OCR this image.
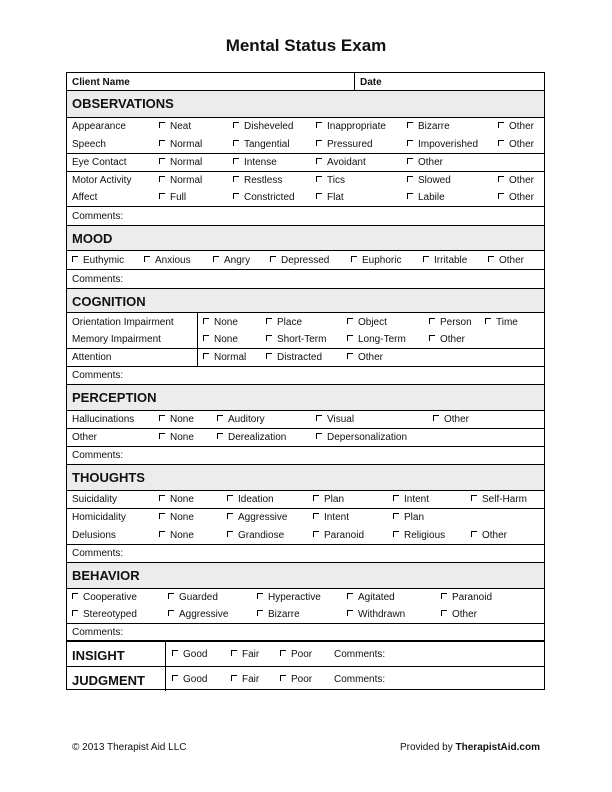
Mental Status Exam
Client Name	Date
OBSERVATIONS
Appearance	Neat	Disheveled	Inappropriate	Bizarre	Other
Speech	Normal	Tangential	Pressured	Impoverished	Other
Eye Contact	Normal	Intense	Avoidant	Other
Motor Activity	Normal	Restless	Tics	Slowed	Other
Affect	Full	Constricted	Flat	Labile	Other
Comments:
MOOD
Euthymic	Anxious	Angry	Depressed	Euphoric	Irritable	Other
Comments:
COGNITION
Orientation Impairment	None	Place	Object	Person	Time
Memory Impairment	None	Short-Term	Long-Term	Other
Attention	Normal	Distracted	Other
Comments:
PERCEPTION
Hallucinations	None	Auditory	Visual	Other
Other	None	Derealization	Depersonalization
Comments:
THOUGHTS
Suicidality	None	Ideation	Plan	Intent	Self-Harm
Homicidality	None	Aggressive	Intent	Plan
Delusions	None	Grandiose	Paranoid	Religious	Other
Comments:
BEHAVIOR
Cooperative	Guarded	Hyperactive	Agitated	Paranoid
Stereotyped	Aggressive	Bizarre	Withdrawn	Other
Comments:
INSIGHT	Good	Fair	Poor Comments:
JUDGMENT	Good	Fair	Poor Comments:
© 2013 Therapist Aid LLC	Provided by TherapistAid.com
